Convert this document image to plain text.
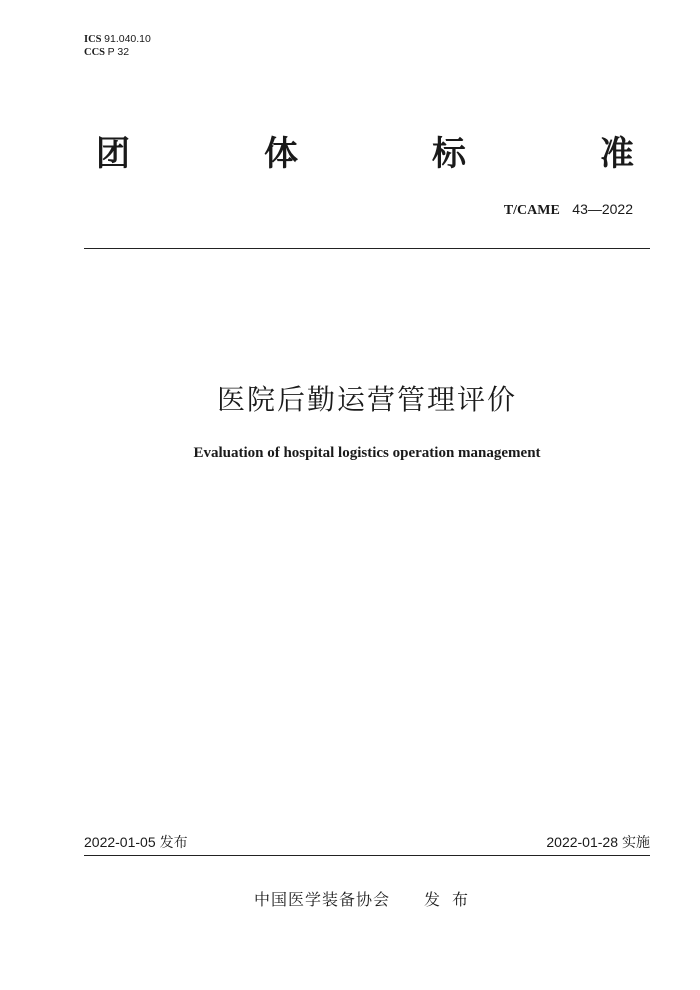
ICS 91.040.10
CCS P 32
团	体	标	准
T/CAME 43—2022
医院后勤运营管理评价
Evaluation of hospital logistics operation management
2022-01-05 发布	2022-01-28 实施
中国医学装备协会 发布
